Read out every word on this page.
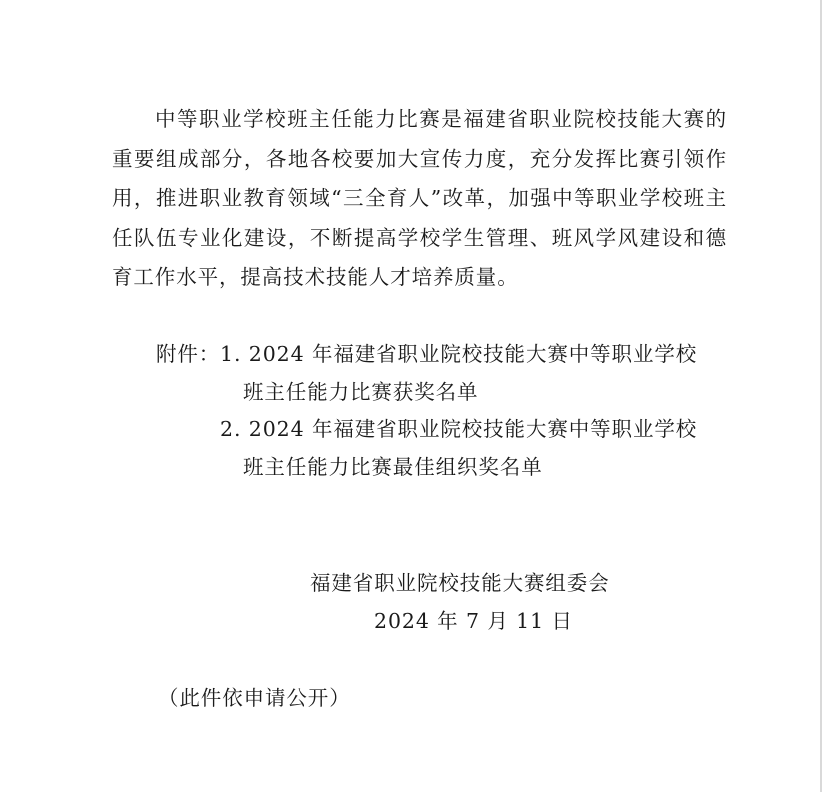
中等职业学校班主任能力比赛是福建省职业院校技能大赛的重要组成部分，各地各校要加大宣传力度，充分发挥比赛引领作用，推进职业教育领域“三全育人”改革，加强中等职业学校班主任队伍专业化建设，不断提高学校学生管理、班风学风建设和德育工作水平，提高技术技能人才培养质量。

附件： 1. 2024 年福建省职业院校技能大赛中等职业学校
班主任能力比赛获奖名单
2. 2024 年福建省职业院校技能大赛中等职业学校
班主任能力比赛最佳组织奖名单
福建省职业院校技能大赛组委会
2024 年 7 月 11 日
（此件依申请公开）
